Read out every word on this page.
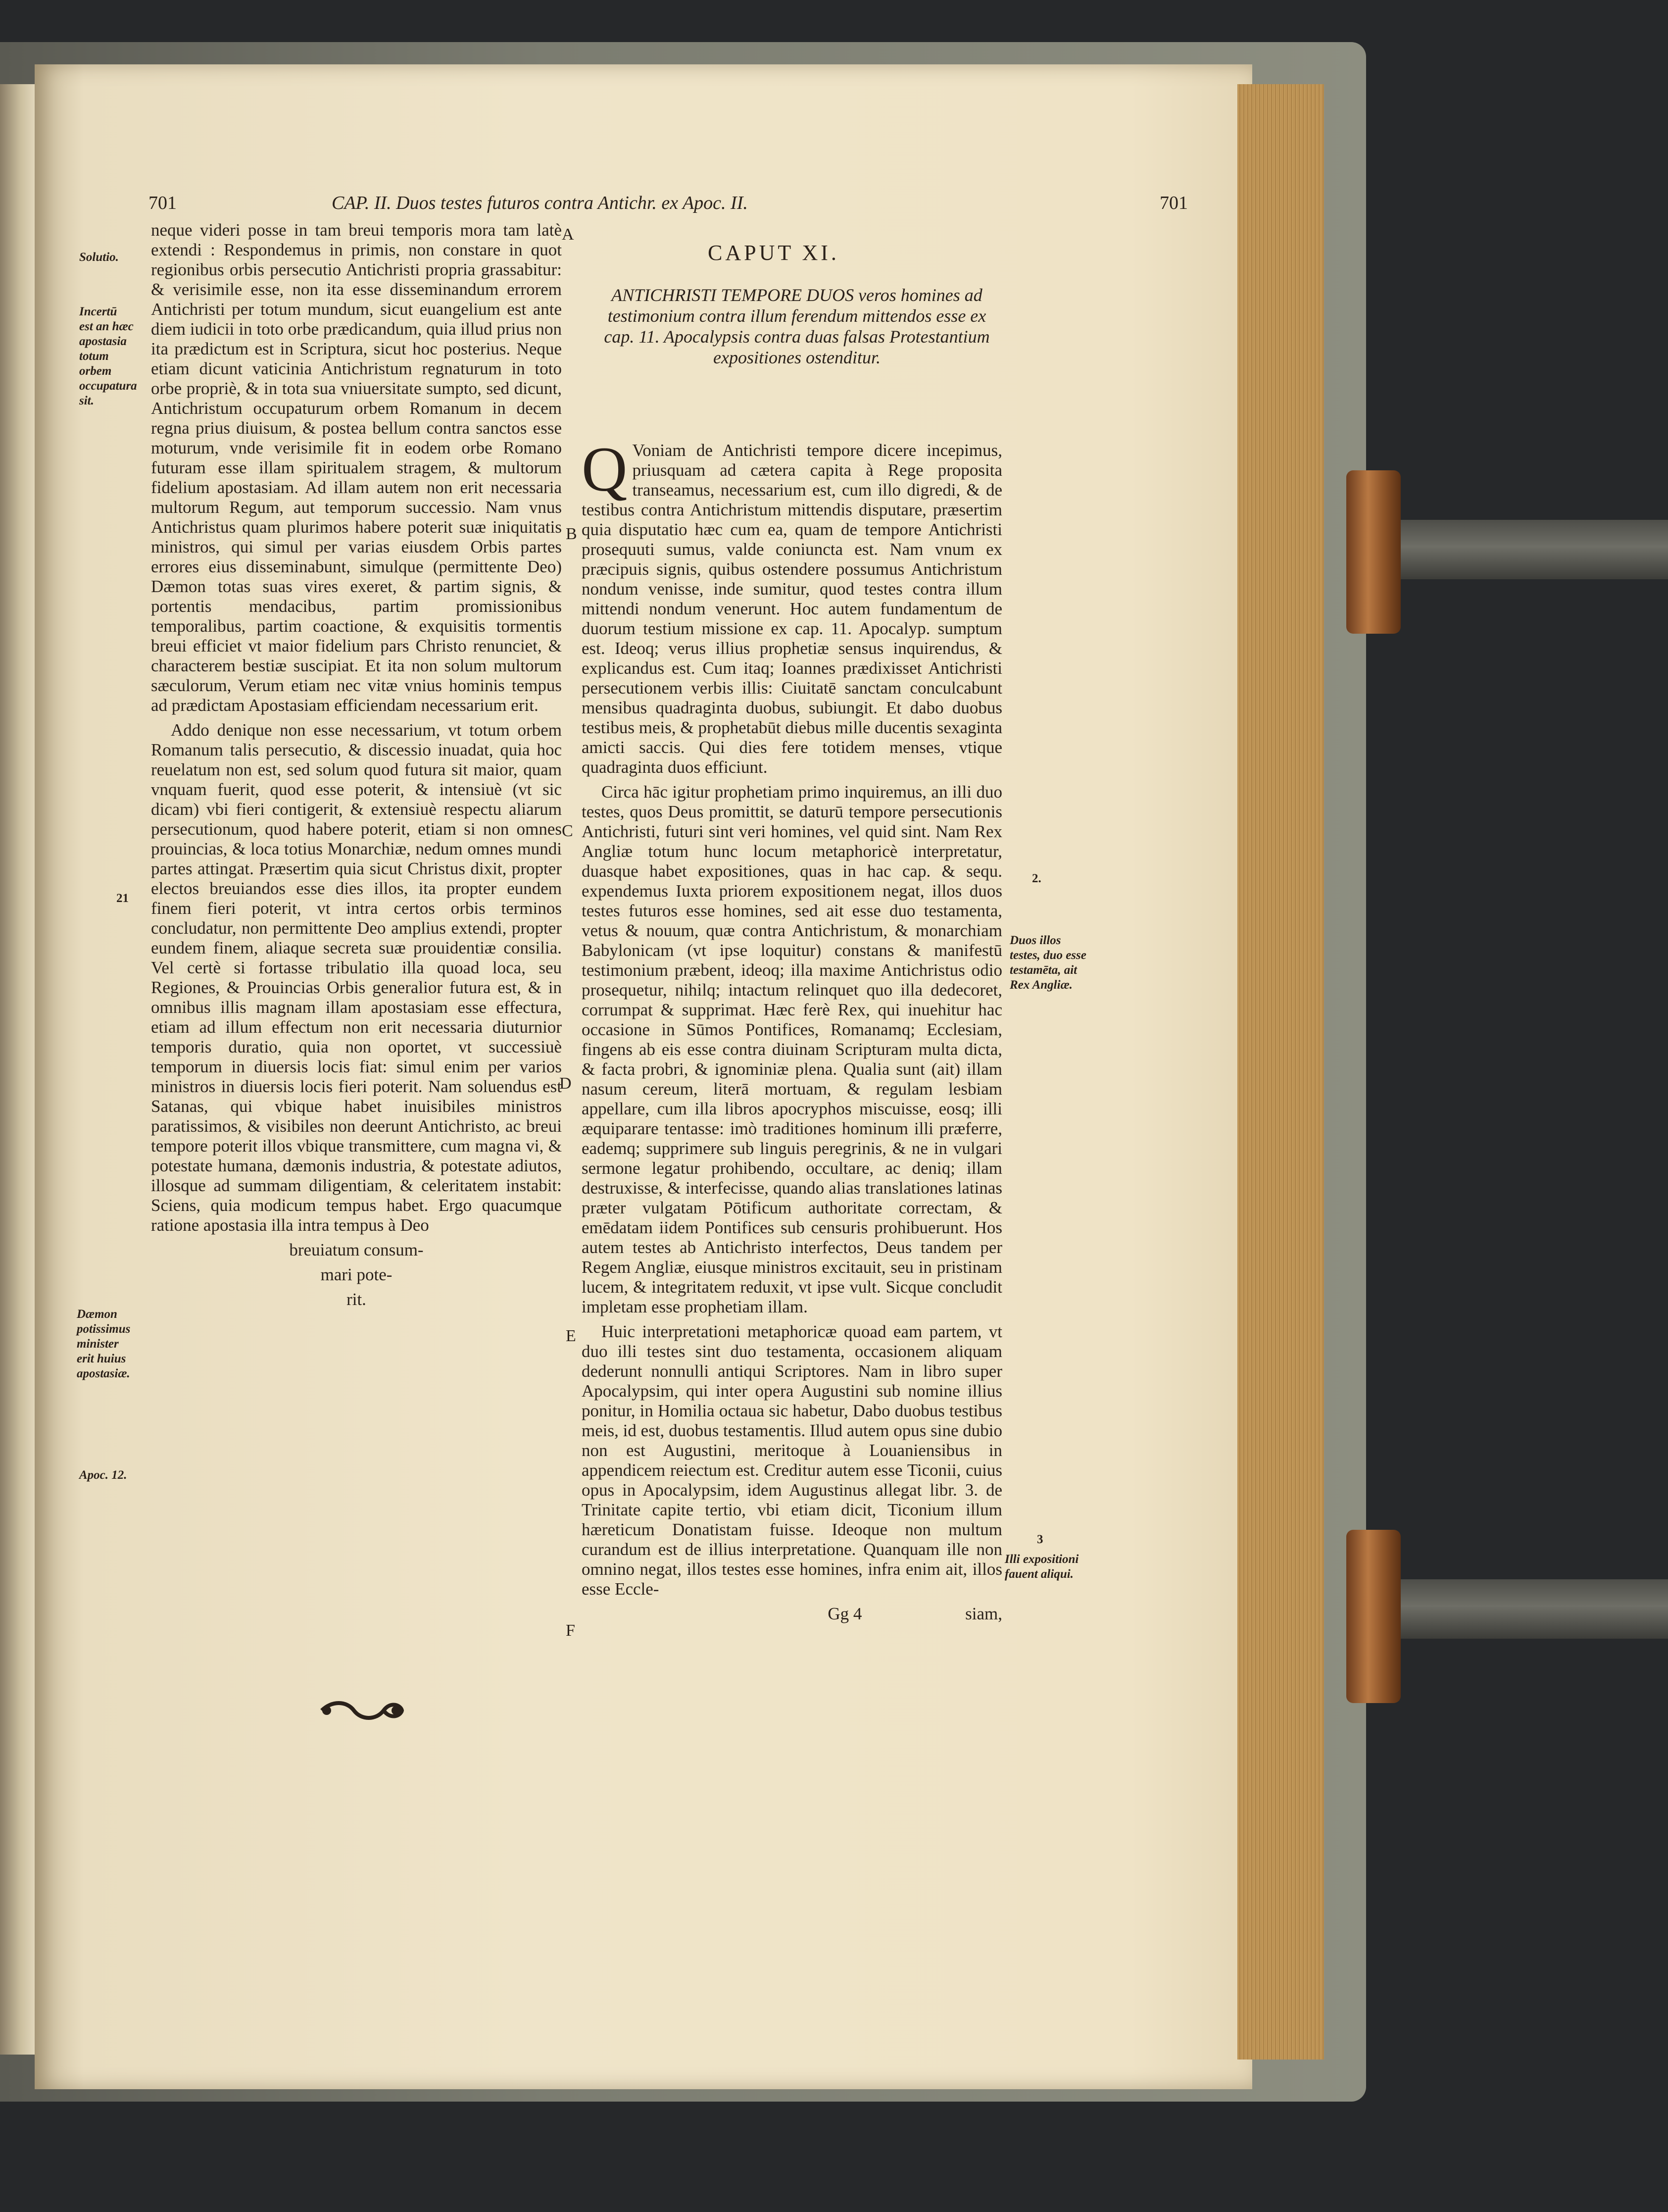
701	CAP. II. Duos testes futuros contra Antichr. ex Apoc. II.	701
Solutio.
Incertū est an hæc apostasia totum orbem occupatura sit.
21
Dæmon potissimus minister erit huius apostasiæ.
Apoc. 12.

neque videri posse in tam breui temporis mora tam latè extendi : Respondemus in primis, non constare in quot regionibus orbis persecutio Antichristi propria grassabitur: & verisimile esse, non ita esse disseminandum errorem Antichristi per totum mundum, sicut euangelium est ante diem iudicii in toto orbe prædicandum, quia illud prius non ita prædictum est in Scriptura, sicut hoc posterius. Neque etiam dicunt vaticinia Antichristum regnaturum in toto orbe propriè, & in tota sua vniuersitate sumpto, sed dicunt, Antichristum occupaturum orbem Romanum in decem regna prius diuisum, & postea bellum contra sanctos esse moturum, vnde verisimile fit in eodem orbe Romano futuram esse illam spiritualem stragem, & multorum fidelium apostasiam. Ad illam autem non erit necessaria multorum Regum, aut temporum successio. Nam vnus Antichristus quam plurimos habere poterit suæ iniquitatis ministros, qui simul per varias eiusdem Orbis partes errores eius disseminabunt, simulque (permittente Deo) Dæmon totas suas vires exeret, & partim signis, & portentis mendacibus, partim promissionibus temporalibus, partim coactione, & exquisitis tormentis breui efficiet vt maior fidelium pars Christo renunciet, & characterem bestiæ suscipiat. Et ita non solum multorum sæculorum, Verum etiam nec vitæ vnius hominis tempus ad prædictam Apostasiam efficiendam necessarium erit.

Addo denique non esse necessarium, vt totum orbem Romanum talis persecutio, & discessio inuadat, quia hoc reuelatum non est, sed solum quod futura sit maior, quam vnquam fuerit, quod esse poterit, & intensiuè (vt sic dicam) vbi fieri contigerit, & extensiuè respectu aliarum persecutionum, quod habere poterit, etiam si non omnes prouincias, & loca totius Monarchiæ, nedum omnes mundi partes attingat. Præsertim quia sicut Christus dixit, propter electos breuiandos esse dies illos, ita propter eundem finem fieri poterit, vt intra certos orbis terminos concludatur, non permittente Deo amplius extendi, propter eundem finem, aliaque secreta suæ prouidentiæ consilia. Vel certè si fortasse tribulatio illa quoad loca, seu Regiones, & Prouincias Orbis generalior futura est, & in omnibus illis magnam illam apostasiam esse effectura, etiam ad illum effectum non erit necessaria diuturnior temporis duratio, quia non oportet, vt successiuè temporum in diuersis locis fiat: simul enim per varios ministros in diuersis locis fieri poterit. Nam soluendus est Satanas, qui vbique habet inuisibiles ministros paratissimos, & visibiles non deerunt Antichristo, ac breui tempore poterit illos vbique transmittere, cum magna vi, & potestate humana, dæmonis industria, & potestate adiutos, illosque ad summam diligentiam, & celeritatem instabit: Sciens, quia modicum tempus habet. Ergo quacumque ratione apostasia illa intra tempus à Deo

breuiatum consum-

mari pote-

rit.

A
B
C
D
E
F
CAPUT XI.
ANTICHRISTI TEMPORE DUOS veros homines ad testimonium contra illum ferendum mittendos esse ex cap. 11. Apocalypsis contra duas falsas Protestantium expositiones ostenditur.

Q Voniam de Antichristi tempore dicere incepimus, priusquam ad cætera capita à Rege proposita transeamus, necessarium est, cum illo digredi, & de testibus contra Antichristum mittendis disputare, præsertim quia disputatio hæc cum ea, quam de tempore Antichristi prosequuti sumus, valde coniuncta est. Nam vnum ex præcipuis signis, quibus ostendere possumus Antichristum nondum venisse, inde sumitur, quod testes contra illum mittendi nondum venerunt. Hoc autem fundamentum de duorum testium missione ex cap. 11. Apocalyp. sumptum est. Ideoq; verus illius prophetiæ sensus inquirendus, & explicandus est. Cum itaq; Ioannes prædixisset Antichristi persecutionem verbis illis: Ciuitatē sanctam conculcabunt mensibus quadraginta duobus, subiungit. Et dabo duobus testibus meis, & prophetabūt diebus mille ducentis sexaginta amicti saccis. Qui dies fere totidem menses, vtique quadraginta duos efficiunt.

Circa hāc igitur prophetiam primo inquiremus, an illi duo testes, quos Deus promittit, se daturū tempore persecutionis Antichristi, futuri sint veri homines, vel quid sint. Nam Rex Angliæ totum hunc locum metaphoricè interpretatur, duasque habet expositiones, quas in hac cap. & sequ. expendemus Iuxta priorem expositionem negat, illos duos testes futuros esse homines, sed ait esse duo testamenta, vetus & nouum, quæ contra Antichristum, & monarchiam Babylonicam (vt ipse loquitur) constans & manifestū testimonium præbent, ideoq; illa maxime Antichristus odio prosequetur, nihilq; intactum relinquet quo illa dedecoret, corrumpat & supprimat. Hæc ferè Rex, qui inuehitur hac occasione in Sūmos Pontifices, Romanamq; Ecclesiam, fingens ab eis esse contra diuinam Scripturam multa dicta, & facta probri, & ignominiæ plena. Qualia sunt (ait) illam nasum cereum, literā mortuam, & regulam lesbiam appellare, cum illa libros apocryphos miscuisse, eosq; illi æquiparare tentasse: imò traditiones hominum illi præferre, eademq; supprimere sub linguis peregrinis, & ne in vulgari sermone legatur prohibendo, occultare, ac deniq; illam destruxisse, & interfecisse, quando alias translationes latinas præter vulgatam Pōtificum authoritate correctam, & emēdatam iidem Pontifices sub censuris prohibuerunt. Hos autem testes ab Antichristo interfectos, Deus tandem per Regem Angliæ, eiusque ministros excitauit, seu in pristinam lucem, & integritatem reduxit, vt ipse vult. Sicque concludit impletam esse prophetiam illam.

Huic interpretationi metaphoricæ quoad eam partem, vt duo illi testes sint duo testamenta, occasionem aliquam dederunt nonnulli antiqui Scriptores. Nam in libro super Apocalypsim, qui inter opera Augustini sub nomine illius ponitur, in Homilia octaua sic habetur, Dabo duobus testibus meis, id est, duobus testamentis. Illud autem opus sine dubio non est Augustini, meritoque à Louaniensibus in appendicem reiectum est. Creditur autem esse Ticonii, cuius opus in Apocalypsim, idem Augustinus allegat libr. 3. de Trinitate capite tertio, vbi etiam dicit, Ticonium illum hæreticum Donatistam fuisse. Ideoque non multum curandum est de illius interpretatione. Quanquam ille non omnino negat, illos testes esse homines, infra enim ait, illos esse Eccle-

Gg 4	siam,

2.
Duos illos testes, duo esse testamēta, ait Rex Angliæ.
3
Illi expositioni fauent aliqui.
